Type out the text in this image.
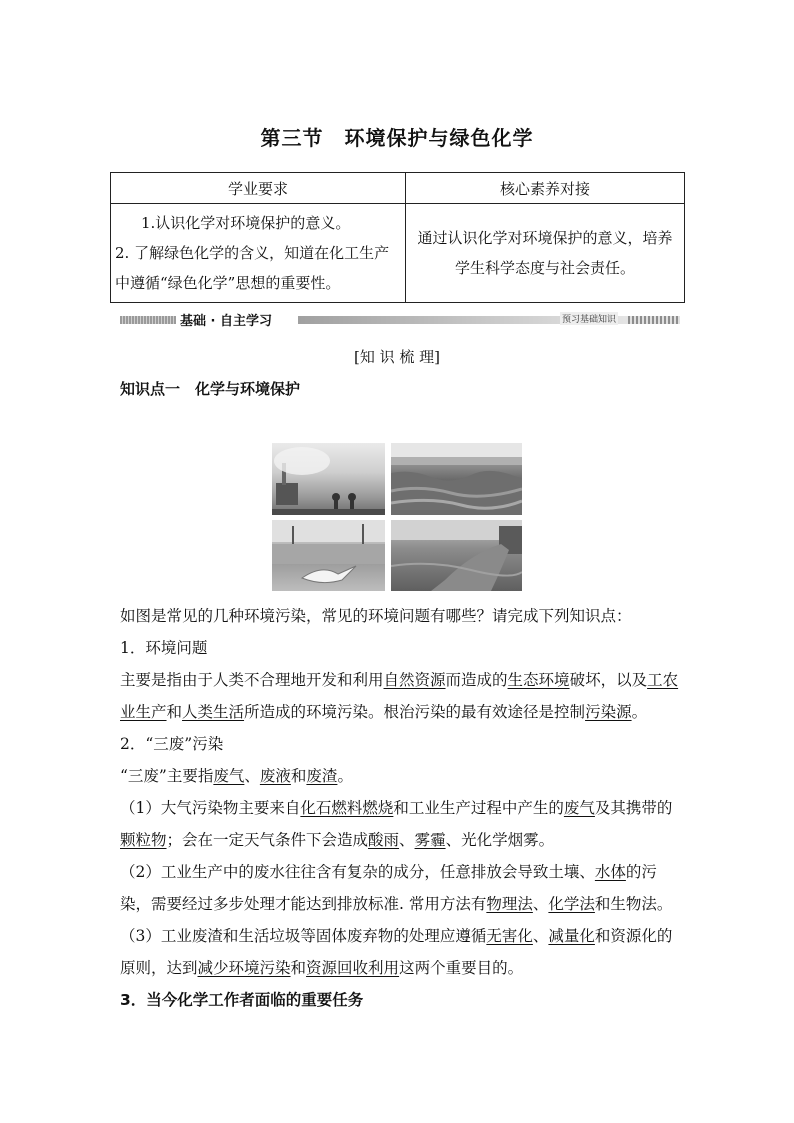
第三节　环境保护与绿色化学
学业要求	核心素养对接

1.认识化学对环境保护的意义。
2. 了解绿色化学的含义，知道在化工生产中遵循“绿色化学”思想的重要性。	通过认识化学对环境保护的意义，培养学生科学态度与社会责任。
基础 · 自主学习	预习基础知识
[知 识 梳 理]
知识点一　化学与环境保护
如图是常见的几种环境污染，常见的环境问题有哪些？请完成下列知识点：
1．环境问题
主要是指由于人类不合理地开发和利用自然资源而造成的生态环境破坏，以及工农业生产和人类生活所造成的环境污染。根治污染的最有效途径是控制污染源。
2．“三废”污染
“三废”主要指废气、废液和废渣。
（1）大气污染物主要来自化石燃料燃烧和工业生产过程中产生的废气及其携带的颗粒物；会在一定天气条件下会造成酸雨、雾霾、光化学烟雾。
（2）工业生产中的废水往往含有复杂的成分，任意排放会导致土壤、水体的污染，需要经过多步处理才能达到排放标准. 常用方法有物理法、化学法和生物法。
（3）工业废渣和生活垃圾等固体废弃物的处理应遵循无害化、减量化和资源化的原则，达到减少环境污染和资源回收利用这两个重要目的。
3．当今化学工作者面临的重要任务
